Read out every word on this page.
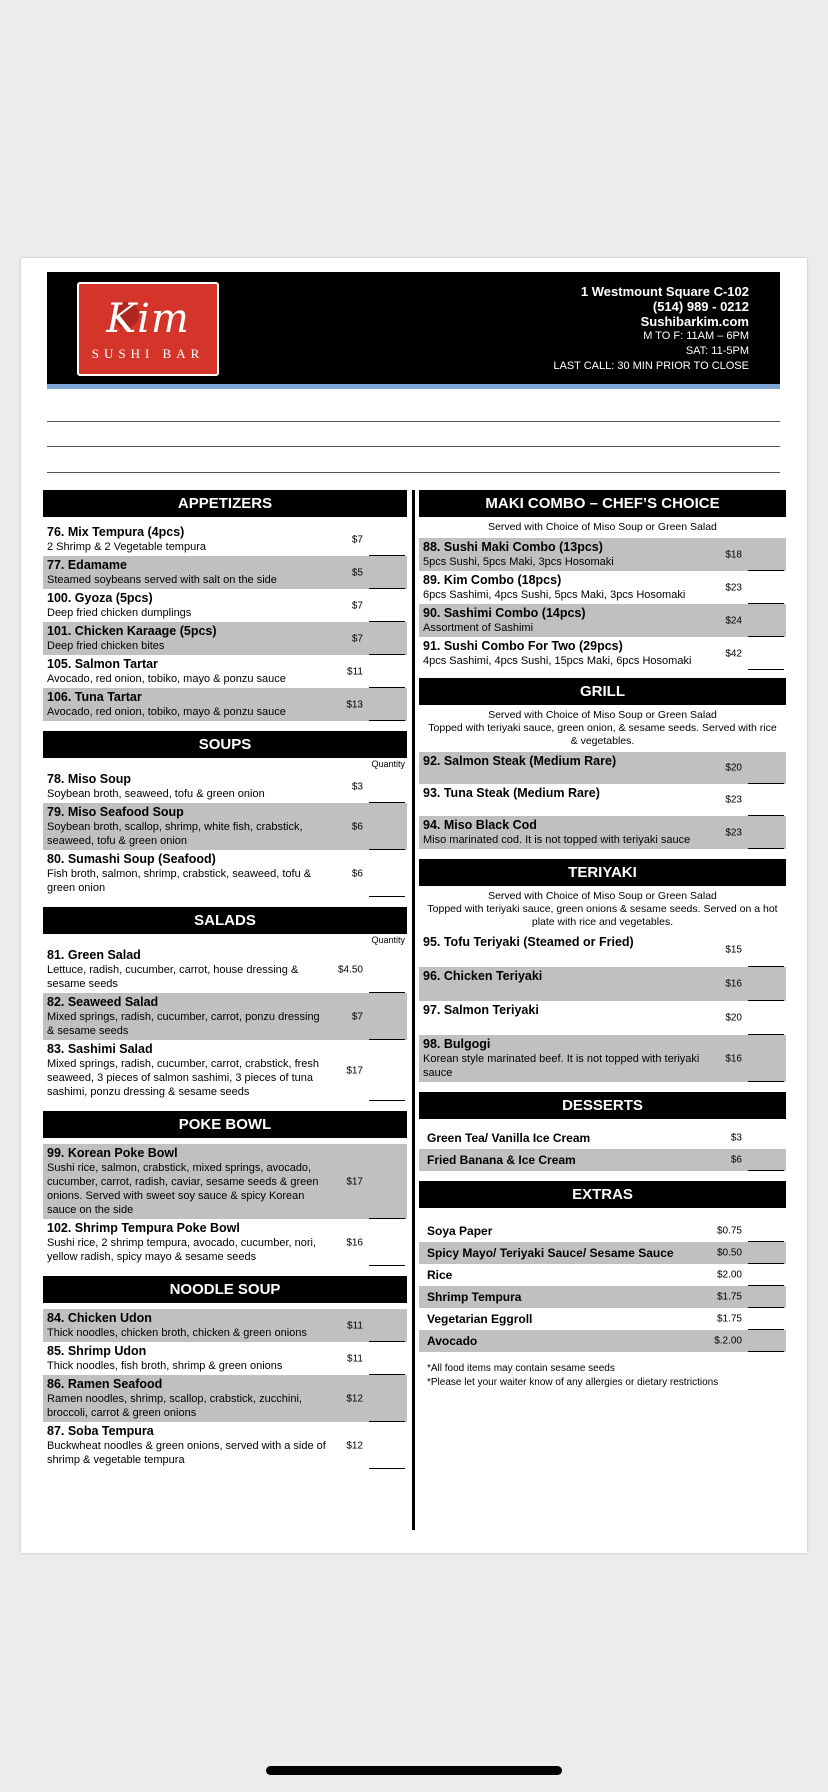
Kim
SUSHI BAR
1 Westmount Square C-102
(514) 989 - 0212
Sushibarkim.com
M TO F: 11AM – 6PM
SAT: 11-5PM
LAST CALL: 30 MIN PRIOR TO CLOSE
APPETIZERS
76. Mix Tempura (4pcs)
2 Shrimp & 2 Vegetable tempura
$7
77. Edamame
Steamed soybeans served with salt on the side
$5
100. Gyoza (5pcs)
Deep fried chicken dumplings
$7
101. Chicken Karaage (5pcs)
Deep fried chicken bites
$7
105. Salmon Tartar
Avocado, red onion, tobiko, mayo & ponzu sauce
$11
106. Tuna Tartar
Avocado, red onion, tobiko, mayo & ponzu sauce
$13
SOUPS
Quantity
78. Miso Soup
Soybean broth, seaweed, tofu & green onion
$3
79. Miso Seafood Soup
Soybean broth, scallop, shrimp, white fish, crabstick, seaweed, tofu & green onion
$6
80. Sumashi Soup (Seafood)
Fish broth, salmon, shrimp, crabstick, seaweed, tofu & green onion
$6
SALADS
Quantity
81. Green Salad
Lettuce, radish, cucumber, carrot, house dressing & sesame seeds
$4.50
82. Seaweed Salad
Mixed springs, radish, cucumber, carrot, ponzu dressing & sesame seeds
$7
83. Sashimi Salad
Mixed springs, radish, cucumber, carrot, crabstick, fresh seaweed, 3 pieces of salmon sashimi, 3 pieces of tuna sashimi, ponzu dressing & sesame seeds
$17
POKE BOWL
99. Korean Poke Bowl
Sushi rice, salmon, crabstick, mixed springs, avocado, cucumber, carrot, radish, caviar, sesame seeds & green onions. Served with sweet soy sauce & spicy Korean sauce on the side
$17
102. Shrimp Tempura Poke Bowl
Sushi rice, 2 shrimp tempura, avocado, cucumber, nori, yellow radish, spicy mayo & sesame seeds
$16
NOODLE SOUP
84. Chicken Udon
Thick noodles, chicken broth, chicken & green onions
$11
85. Shrimp Udon
Thick noodles, fish broth, shrimp & green onions
$11
86. Ramen Seafood
Ramen noodles, shrimp, scallop, crabstick, zucchini, broccoli, carrot & green onions
$12
87. Soba Tempura
Buckwheat noodles & green onions, served with a side of shrimp & vegetable tempura
$12
MAKI COMBO – CHEF’S CHOICE
Served with Choice of Miso Soup or Green Salad
88. Sushi Maki Combo (13pcs)
5pcs Sushi, 5pcs Maki, 3pcs Hosomaki
$18
89. Kim Combo (18pcs)
6pcs Sashimi, 4pcs Sushi, 5pcs Maki, 3pcs Hosomaki
$23
90. Sashimi Combo (14pcs)
Assortment of Sashimi
$24
91. Sushi Combo For Two (29pcs)
4pcs Sashimi, 4pcs Sushi, 15pcs Maki, 6pcs Hosomaki
$42
GRILL
Served with Choice of Miso Soup or Green Salad
Topped with teriyaki sauce, green onion, & sesame seeds. Served with rice & vegetables.
92. Salmon Steak (Medium Rare)	$20
93. Tuna Steak (Medium Rare)	$23
94. Miso Black Cod
Miso marinated cod. It is not topped with teriyaki sauce
$23
TERIYAKI
Served with Choice of Miso Soup or Green Salad
Topped with teriyaki sauce, green onions & sesame seeds. Served on a hot plate with rice and vegetables.
95. Tofu Teriyaki (Steamed or Fried)
$15
96. Chicken Teriyaki
$16
97. Salmon Teriyaki
$20
98. Bulgogi
Korean style marinated beef. It is not topped with teriyaki sauce
$16
DESSERTS
Green Tea/ Vanilla Ice Cream	$3
Fried Banana & Ice Cream	$6
EXTRAS
Soya Paper	$0.75
Spicy Mayo/ Teriyaki Sauce/ Sesame Sauce	$0.50
Rice	$2.00
Shrimp Tempura	$1.75
Vegetarian Eggroll	$1.75
Avocado	$.2.00
*All food items may contain sesame seeds
*Please let your waiter know of any allergies or dietary restrictions
